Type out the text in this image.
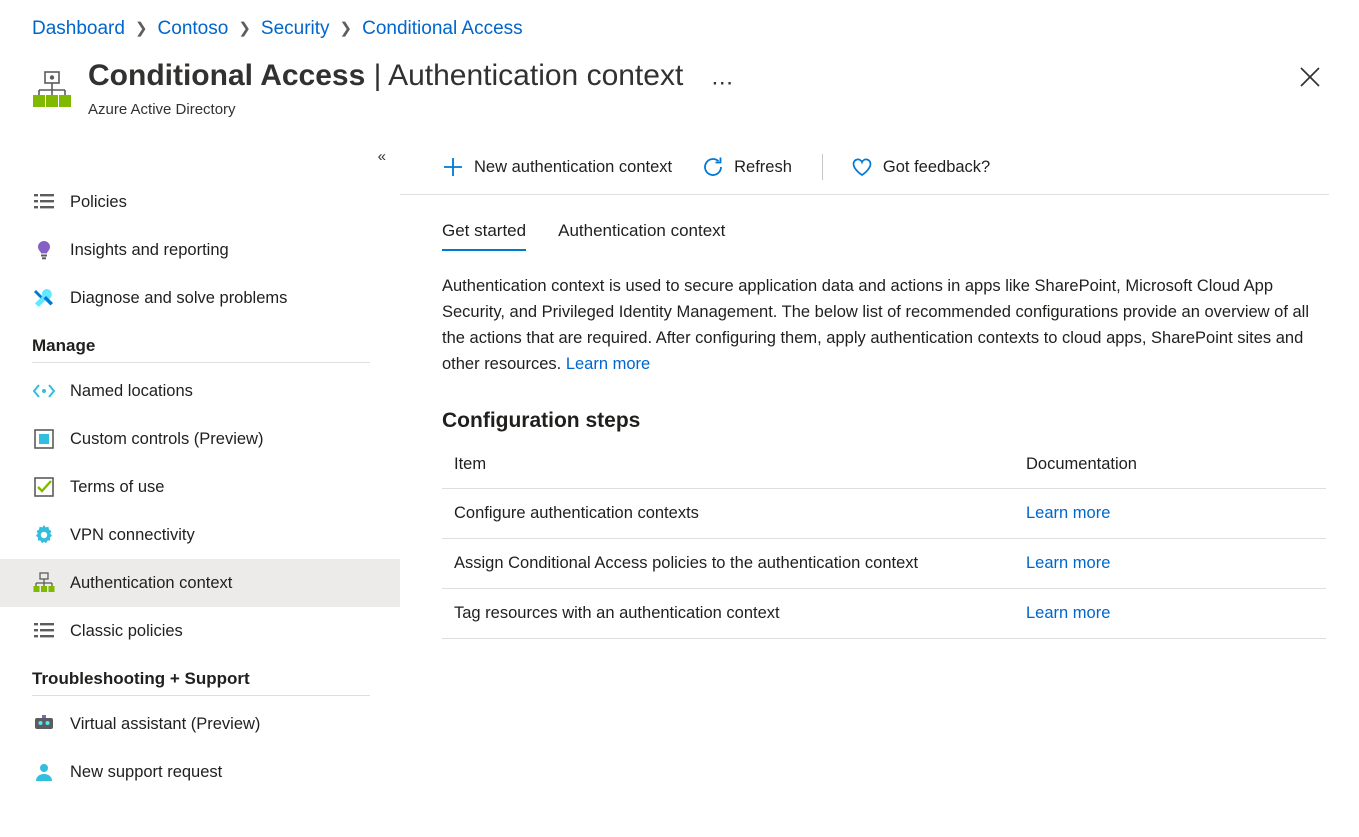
Dashboard ❯ Contoso ❯ Security ❯ Conditional Access
Conditional Access | Authentication context
Azure Active Directory
⋯
«
Policies
Insights and reporting
Diagnose and solve problems
Manage
Named locations
Custom controls (Preview)
Terms of use
VPN connectivity
Authentication context
Classic policies
Troubleshooting + Support
Virtual assistant (Preview)
New support request
New authentication context	Refresh	Got feedback?
Get started Authentication context
Authentication context is used to secure application data and actions in apps like SharePoint, Microsoft Cloud App Security, and Privileged Identity Management. The below list of recommended configurations provide an overview of all the actions that are required. After configuring them, apply authentication contexts to cloud apps, SharePoint sites and other resources. Learn more
Configuration steps
Item	Documentation
Configure authentication contexts	Learn more
Assign Conditional Access policies to the authentication context	Learn more
Tag resources with an authentication context	Learn more
